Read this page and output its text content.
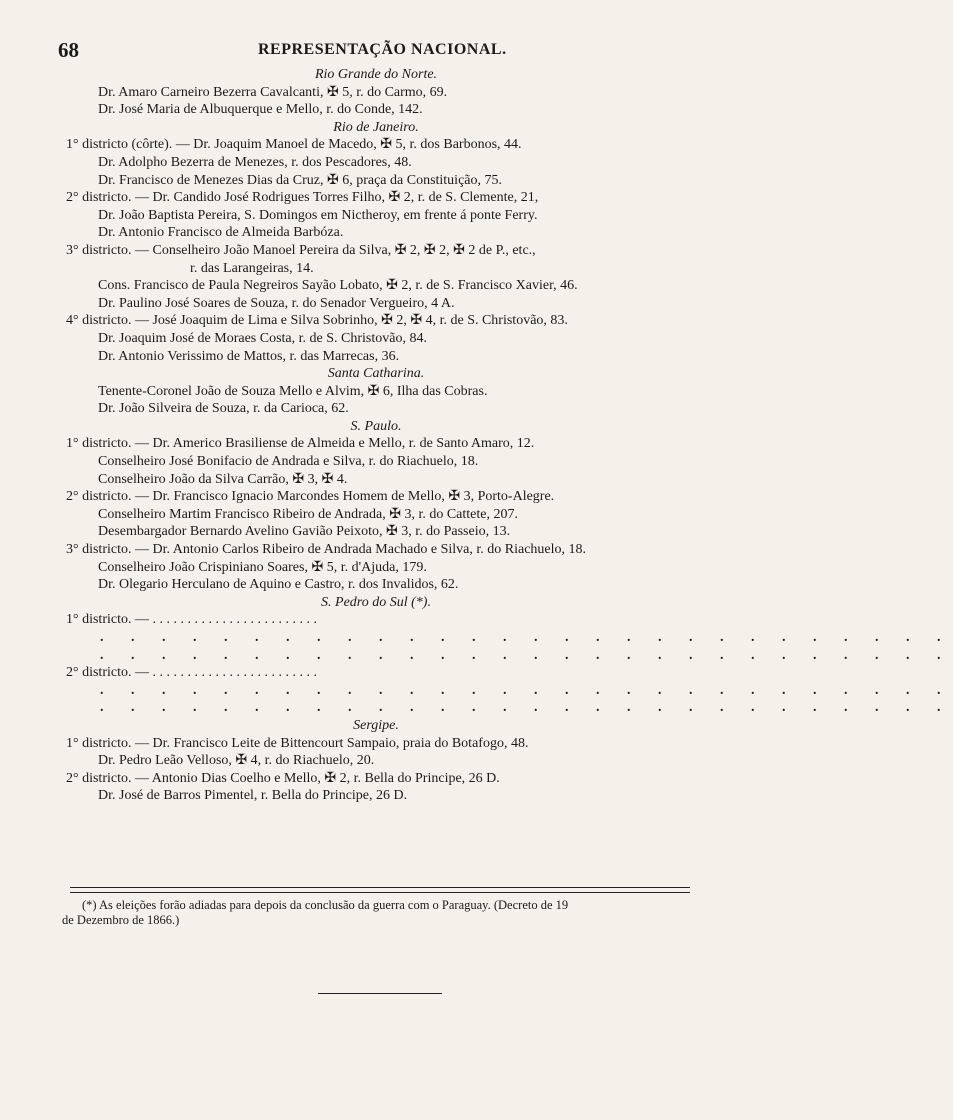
68	REPRESENTAÇÃO NACIONAL.
Rio Grande do Norte.
Dr. Amaro Carneiro Bezerra Cavalcanti, ✠ 5, r. do Carmo, 69.
Dr. José Maria de Albuquerque e Mello, r. do Conde, 142.
Rio de Janeiro.
1° districto (côrte). — Dr. Joaquim Manoel de Macedo, ✠ 5, r. dos Barbonos, 44.
Dr. Adolpho Bezerra de Menezes, r. dos Pescadores, 48.
Dr. Francisco de Menezes Dias da Cruz, ✠ 6, praça da Constituição, 75.
2° districto. — Dr. Candido José Rodrigues Torres Filho, ✠ 2, r. de S. Clemente, 21,
Dr. João Baptista Pereira, S. Domingos em Nictheroy, em frente á ponte Ferry.
Dr. Antonio Francisco de Almeida Barbóza.
3° districto. — Conselheiro João Manoel Pereira da Silva, ✠ 2, ✠ 2, ✠ 2 de P., etc.,
r. das Larangeiras, 14.
Cons. Francisco de Paula Negreiros Sayão Lobato, ✠ 2, r. de S. Francisco Xavier, 46.
Dr. Paulino José Soares de Souza, r. do Senador Vergueiro, 4 A.
4° districto. — José Joaquim de Lima e Silva Sobrinho, ✠ 2, ✠ 4, r. de S. Christovão, 83.
Dr. Joaquim José de Moraes Costa, r. de S. Christovão, 84.
Dr. Antonio Verissimo de Mattos, r. das Marrecas, 36.
Santa Catharina.
Tenente-Coronel João de Souza Mello e Alvim, ✠ 6, Ilha das Cobras.
Dr. João Silveira de Souza, r. da Carioca, 62.
S. Paulo.
1° districto. — Dr. Americo Brasiliense de Almeida e Mello, r. de Santo Amaro, 12.
Conselheiro José Bonifacio de Andrada e Silva, r. do Riachuelo, 18.
Conselheiro João da Silva Carrão, ✠ 3, ✠ 4.
2° districto. — Dr. Francisco Ignacio Marcondes Homem de Mello, ✠ 3, Porto-Alegre.
Conselheiro Martim Francisco Ribeiro de Andrada, ✠ 3, r. do Cattete, 207.
Desembargador Bernardo Avelino Gavião Peixoto, ✠ 3, r. do Passeio, 13.
3° districto. — Dr. Antonio Carlos Ribeiro de Andrada Machado e Silva, r. do Riachuelo, 18.
Conselheiro João Crispiniano Soares, ✠ 5, r. d'Ajuda, 179.
Dr. Olegario Herculano de Aquino e Castro, r. dos Invalidos, 62.
S. Pedro do Sul (*).
1° districto. — . . . . . . . . . . . . . . . . . . . . . . . .
. . . . . . . . . . . . . . . . . . . . . . . . . . . .
. . . . . . . . . . . . . . . . . . . . . . . . . . . .
2° districto. — . . . . . . . . . . . . . . . . . . . . . . . .
. . . . . . . . . . . . . . . . . . . . . . . . . . . .
. . . . . . . . . . . . . . . . . . . . . . . . . . . .
Sergipe.
1° districto. — Dr. Francisco Leite de Bittencourt Sampaio, praia do Botafogo, 48.
Dr. Pedro Leão Velloso, ✠ 4, r. do Riachuelo, 20.
2° districto. — Antonio Dias Coelho e Mello, ✠ 2, r. Bella do Principe, 26 D.
Dr. José de Barros Pimentel, r. Bella do Principe, 26 D.
(*) As eleições forão adiadas para depois da conclusão da guerra com o Paraguay. (Decreto de 19
de Dezembro de 1866.)
